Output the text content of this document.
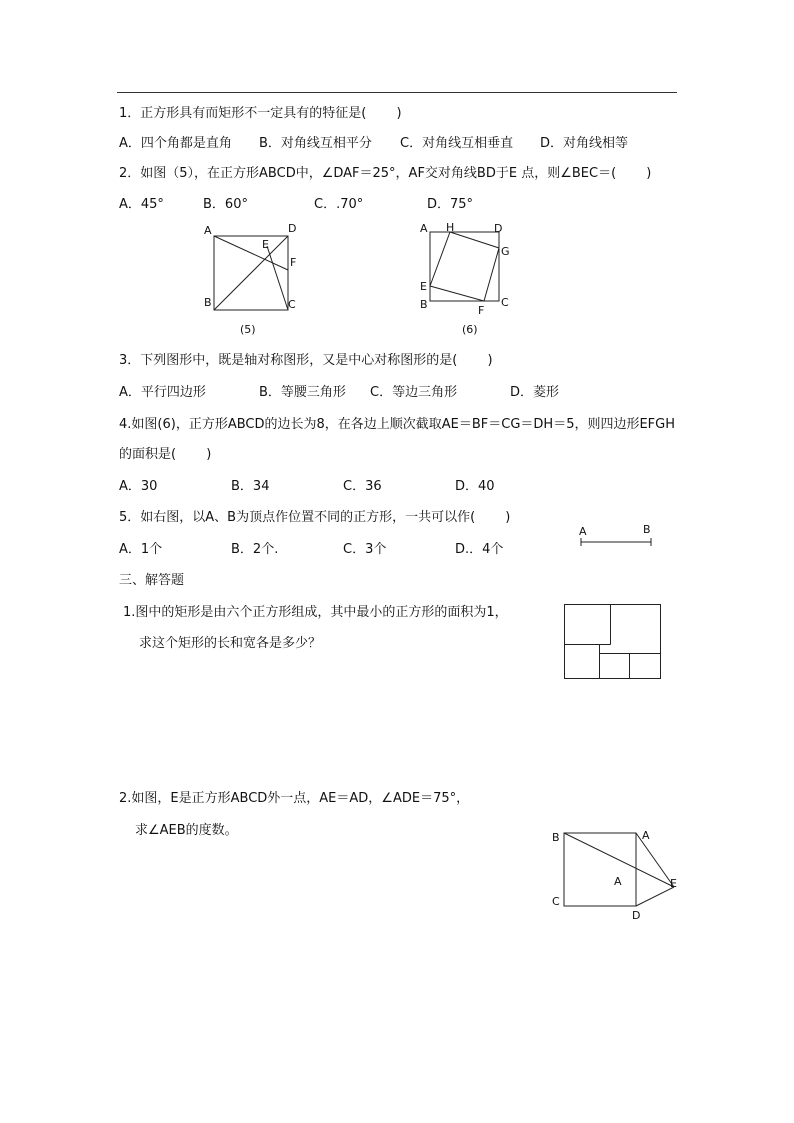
1．正方形具有而矩形不一定具有的特征是(　　 )
A．四个角都是直角 B．对角线互相平分 C．对角线互相垂直 D．对角线相等
2．如图（5），在正方形ABCD中，∠DAF＝25°，AF交对角线BD于E 点，则∠BEC＝(　　 )
A．45°	B．60°	C．.70°	D．75°
A
B	C
D
E
F
(5)
A
B	C
D
E
F
G
H
(6)
3．下列图形中，既是轴对称图形，又是中心对称图形的是(　　 )
A．平行四边形	B．等腰三角形 C．等边三角形	D．菱形
4.如图(6)，正方形ABCD的边长为8，在各边上顺次截取AE＝BF＝CG＝DH＝5，则四边形EFGH
的面积是(　　 )
A．30	B．34	C．36	D．40
5．如右图，以A、B为顶点作位置不同的正方形，一共可以作(　　 )
A．1个	B．2个.	C．3个	D.．4个
A	B
三、解答题
1.图中的矩形是由六个正方形组成，其中最小的正方形的面积为1，
求这个矩形的长和宽各是多少？
2.如图，E是正方形ABCD外一点，AE＝AD，∠ADE＝75°，
求∠AEB的度数。	B	A
A	E
C
D
